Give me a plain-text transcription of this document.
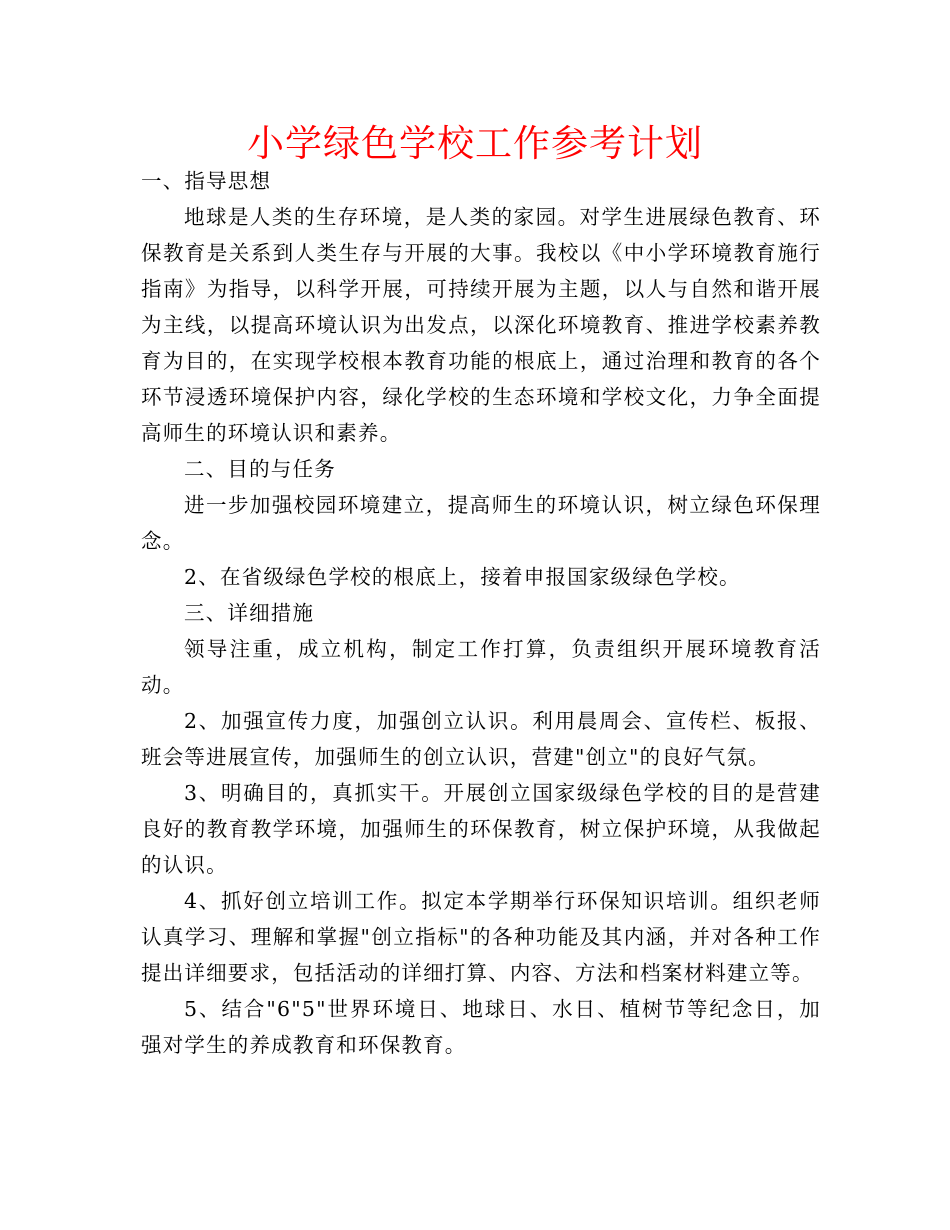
小学绿色学校工作参考计划

一、指导思想

地球是人类的生存环境，是人类的家园。对学生进展绿色教育、环保教育是关系到人类生存与开展的大事。我校以《中小学环境教育施行指南》为指导，以科学开展，可持续开展为主题，以人与自然和谐开展为主线，以提高环境认识为出发点，以深化环境教育、推进学校素养教育为目的，在实现学校根本教育功能的根底上，通过治理和教育的各个环节浸透环境保护内容，绿化学校的生态环境和学校文化，力争全面提高师生的环境认识和素养。

二、目的与任务

进一步加强校园环境建立，提高师生的环境认识，树立绿色环保理念。

2、在省级绿色学校的根底上，接着申报国家级绿色学校。

三、详细措施

领导注重，成立机构，制定工作打算，负责组织开展环境教育活动。

2、加强宣传力度，加强创立认识。利用晨周会、宣传栏、板报、班会等进展宣传，加强师生的创立认识，营建"创立"的良好气氛。

3、明确目的，真抓实干。开展创立国家级绿色学校的目的是营建良好的教育教学环境，加强师生的环保教育，树立保护环境，从我做起的认识。

4、抓好创立培训工作。拟定本学期举行环保知识培训。组织老师认真学习、理解和掌握"创立指标"的各种功能及其内涵，并对各种工作提出详细要求，包括活动的详细打算、内容、方法和档案材料建立等。

5、结合"6"5"世界环境日、地球日、水日、植树节等纪念日，加强对学生的养成教育和环保教育。
